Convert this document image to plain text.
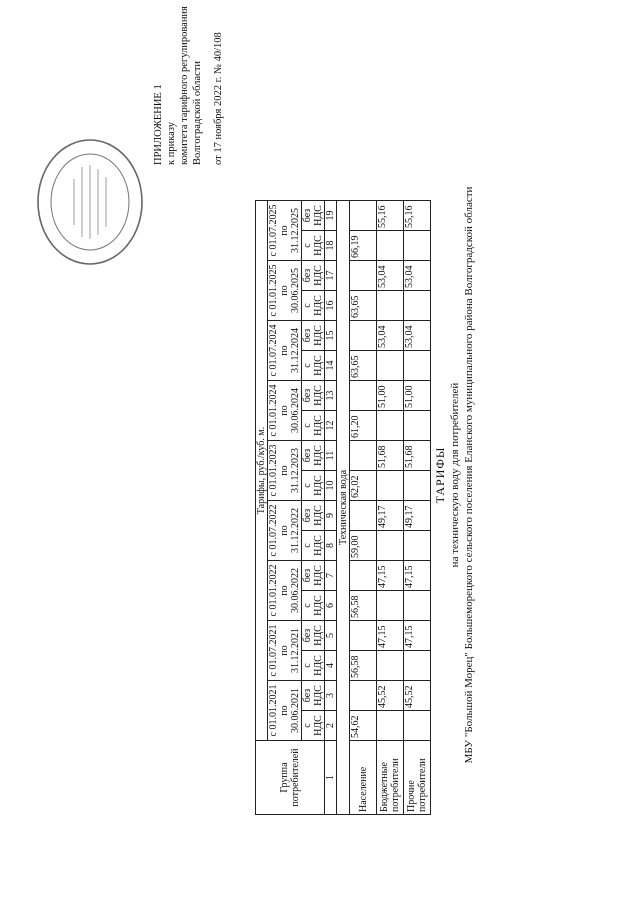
ПРИЛОЖЕНИЕ 1 к приказу комитета тарифного регулирования Волгоградской области от 17 ноября 2022 г. № 40/108
ТАРИФЫ на техническую воду для потребителей МБУ "Большой Морец" Большеморецкого сельского поселения Еланского муниципального района Волгоградской области
Группа потребителей	Тарифы, руб./куб. м.																	
	с 01.01.2021 по 30.06.2021		с 01.07.2021 по 31.12.2021		с 01.01.2022 по 30.06.2022		с 01.07.2022 по 31.12.2022		с 01.01.2023 по 31.12.2023		с 01.01.2024 по 30.06.2024		с 01.07.2024 по 31.12.2024		с 01.01.2025 по 30.06.2025		с 01.07.2025 по 31.12.2025	
	с НДС	без НДС	с НДС	без НДС	с НДС	без НДС	с НДС	без НДС	с НДС	без НДС	с НДС	без НДС	с НДС	без НДС	с НДС	без НДС	с НДС	без НДС
1	2	3	4	5	6	7	8	9	10	11	12	13	14	15	16	17	18	19
Техническая вода																		
Население	54,62		56,58		56,58		59,00		62,02		61,20		63,65		63,65		66,19	
Бюджетные потребители		45,52		47,15		47,15		49,17		51,68		51,00		53,04		53,04		55,16
Прочие потребители		45,52		47,15		47,15		49,17		51,68		51,00		53,04		53,04		55,16
